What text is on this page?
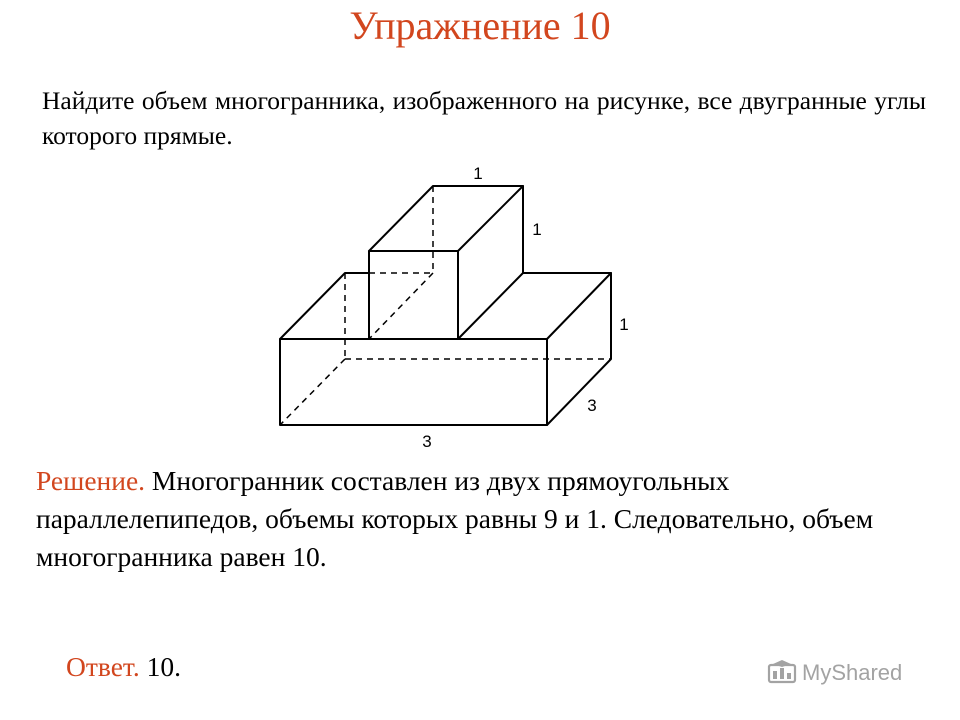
Упражнение 10
Найдите объем многогранника, изображенного на рисунке, все двугранные углы которого прямые.
1
1
1
3
3
Решение. Многогранник составлен из двух прямоугольных параллелепипедов, объемы которых равны 9 и 1. Следовательно, объем многогранника равен 10.
Ответ. 10.	MyShared
